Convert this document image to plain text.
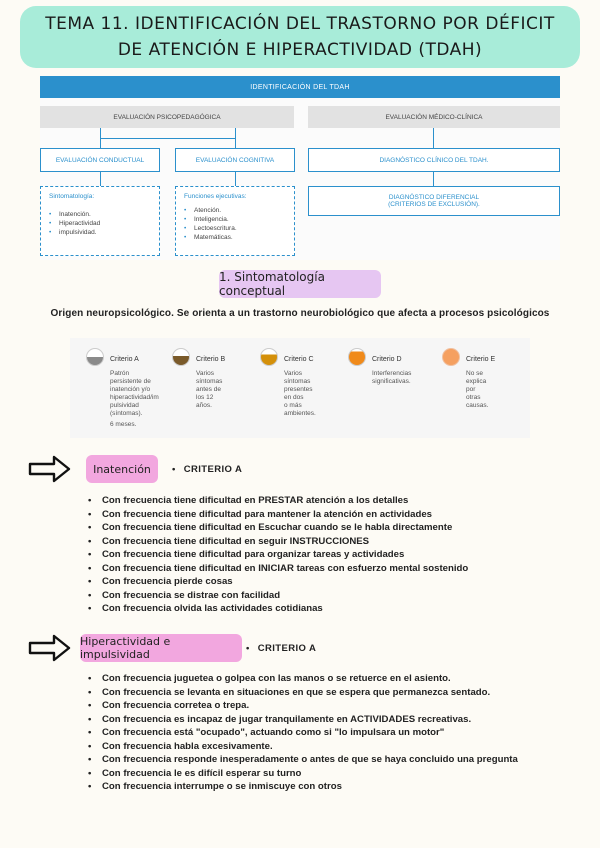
TEMA 11. IDENTIFICACIÓN DEL TRASTORNO POR DÉFICIT DE ATENCIÓN E HIPERACTIVIDAD (TDAH)
IDENTIFICACIÓN DEL TDAH
EVALUACIÓN PSICOPEDAGÓGICA	EVALUACIÓN MÉDICO-CLÍNICA
EVALUACIÓN CONDUCTUAL	EVALUACIÓN COGNITIVA	DIAGNÓSTICO CLÍNICO DEL TDAH.
Sintomatología:
• Inatención.
• Hiperactividad
• impulsividad.
Funciones ejecutivas:
• Atención.
• Inteligencia.
• Lectoescritura.
• Matemáticas.
DIAGNÓSTICO DIFERENCIAL
(CRITERIOS DE EXCLUSIÓN).
1. Sintomatología conceptual
Origen neuropsicológico. Se orienta a un trastorno neurobiológico que afecta a procesos psicológicos
Criterio A
Patrón
persistente de
inatención y/o
hiperactividad/im
pulsividad
(síntomas).
6 meses.
Criterio B
Varios síntomas
antes de los 12
años.
Criterio C
Varios síntomas
presentes en dos
o más ambientes.
Criterio D
Interferencias
significativas.
Criterio E
No se explica por
otras causas.
Inatención	• CRITERIO A
• Con frecuencia tiene dificultad en PRESTAR atención a los detalles
• Con frecuencia tiene dificultad para mantener la atención en actividades
• Con frecuencia tiene dificultad en Escuchar cuando se le habla directamente
• Con frecuencia tiene dificultad en seguir INSTRUCCIONES
• Con frecuencia tiene dificultad para organizar tareas y actividades
• Con frecuencia tiene dificultad en INICIAR tareas con esfuerzo mental sostenido
• Con frecuencia pierde cosas
• Con frecuencia se distrae con facilidad
• Con frecuencia olvida las actividades cotidianas
Hiperactividad e impulsividad	• CRITERIO A
• Con frecuencia juguetea o golpea con las manos o se retuerce en el asiento.
• Con frecuencia se levanta en situaciones en que se espera que permanezca sentado.
• Con frecuencia corretea o trepa.
• Con frecuencia es incapaz de jugar tranquilamente en ACTIVIDADES recreativas.
• Con frecuencia está "ocupado", actuando como si "lo impulsara un motor"
• Con frecuencia habla excesivamente.
• Con frecuencia responde inesperadamente o antes de que se haya concluido una pregunta
• Con frecuencia le es difícil esperar su turno
• Con frecuencia interrumpe o se inmiscuye con otros
